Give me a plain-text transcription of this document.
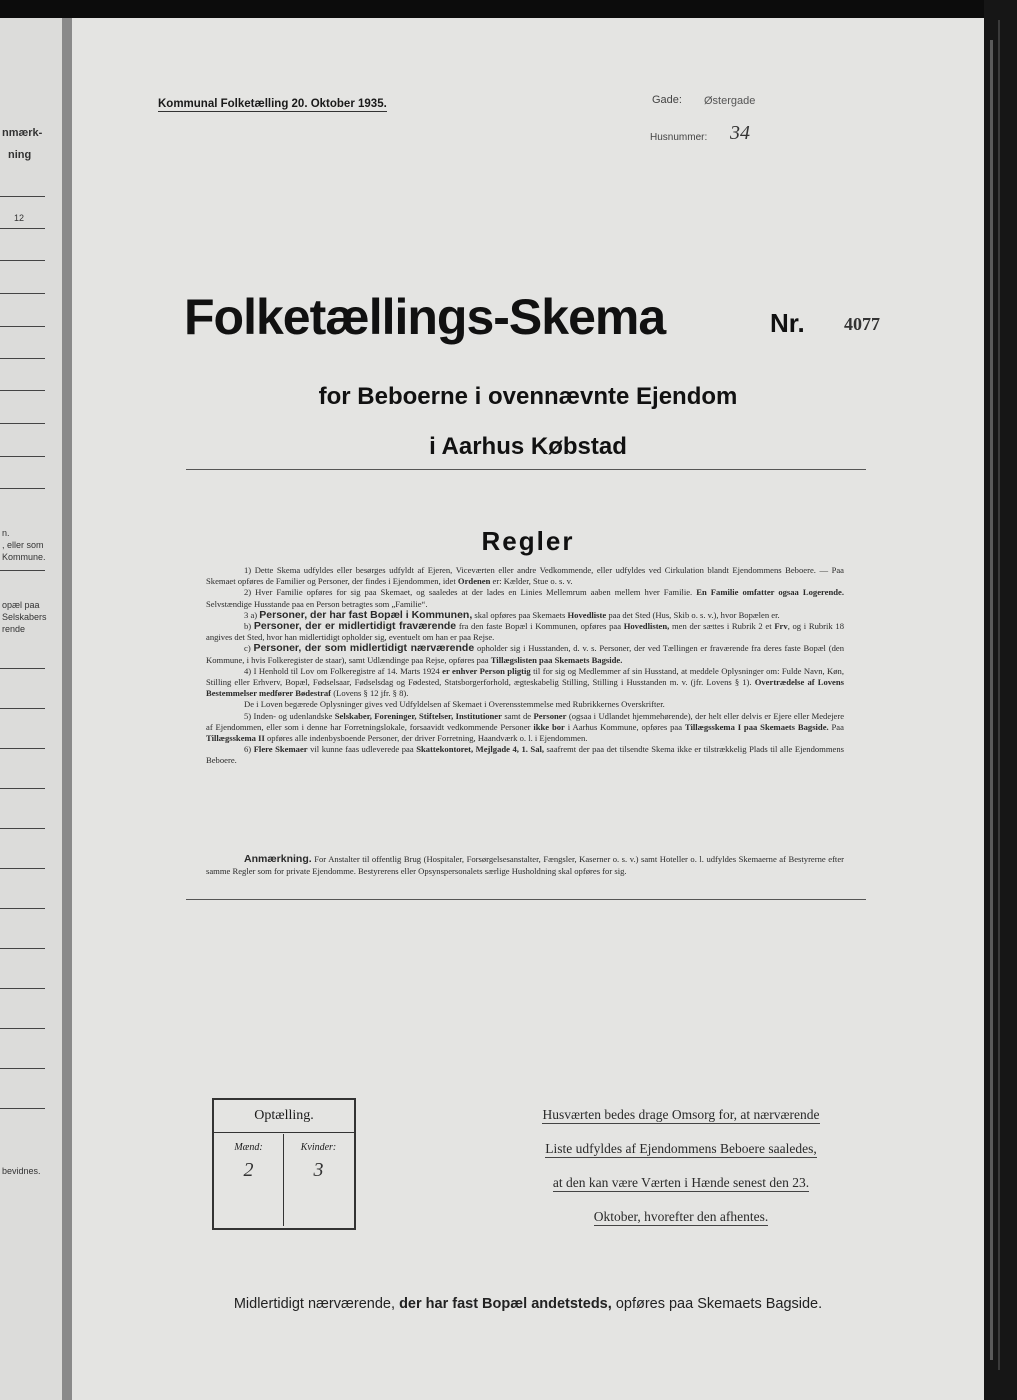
nmærk-
ning
12
n.
, eller som
Kommune.
opæl paa
Selskabers
rende
bevidnes.
Kommunal Folketælling 20. Oktober 1935.	Gade: Østergade
Husnummer: 34
Folketællings-Skema	Nr. 4077
for Beboerne i ovennævnte Ejendom
i Aarhus Købstad
Regler

1) Dette Skema udfyldes eller besørges udfyldt af Ejeren, Viceværten eller andre Vedkommende, eller udfyldes ved Cirkulation blandt Ejendommens Beboere. — Paa Skemaet opføres de Familier og Personer, der findes i Ejendommen, idet Ordenen er: Kælder, Stue o. s. v.

2) Hver Familie opføres for sig paa Skemaet, og saaledes at der lades en Linies Mellemrum aaben mellem hver Familie. En Familie omfatter ogsaa Logerende. Selvstændige Husstande paa en Person betragtes som „Familie“.

3 a) Personer, der har fast Bopæl i Kommunen, skal opføres paa Skemaets Hovedliste paa det Sted (Hus, Skib o. s. v.), hvor Bopælen er.

b) Personer, der er midlertidigt fraværende fra den faste Bopæl i Kommunen, opføres paa Hovedlisten, men der sættes i Rubrik 2 et Frv, og i Rubrik 18 angives det Sted, hvor han midlertidigt opholder sig, eventuelt om han er paa Rejse.

c) Personer, der som midlertidigt nærværende opholder sig i Husstanden, d. v. s. Personer, der ved Tællingen er fraværende fra deres faste Bopæl (den Kommune, i hvis Folkeregister de staar), samt Udlændinge paa Rejse, opføres paa Tillægslisten paa Skemaets Bagside.

4) I Henhold til Lov om Folkeregistre af 14. Marts 1924 er enhver Person pligtig til for sig og Medlemmer af sin Husstand, at meddele Oplysninger om: Fulde Navn, Køn, Stilling eller Erhverv, Bopæl, Fødselsaar, Fødselsdag og Fødested, Statsborgerforhold, ægteskabelig Stilling, Stilling i Husstanden m. v. (jfr. Lovens § 1). Overtrædelse af Lovens Bestemmelser medfører Bødestraf (Lovens § 12 jfr. § 8).

De i Loven begærede Oplysninger gives ved Udfyldelsen af Skemaet i Overensstemmelse med Rubrikkernes Overskrifter.

5) Inden- og udenlandske Selskaber, Foreninger, Stiftelser, Institutioner samt de Personer (ogsaa i Udlandet hjemmehørende), der helt eller delvis er Ejere eller Medejere af Ejendommen, eller som i denne har Forretningslokale, forsaavidt vedkommende Personer ikke bor i Aarhus Kommune, opføres paa Tillægsskema I paa Skemaets Bagside. Paa Tillægsskema II opføres alle indenbysboende Personer, der driver Forretning, Haandværk o. l. i Ejendommen.

6) Flere Skemaer vil kunne faas udleverede paa Skattekontoret, Mejlgade 4, 1. Sal, saafremt der paa det tilsendte Skema ikke er tilstrækkelig Plads til alle Ejendommens Beboere.

Anmærkning. For Anstalter til offentlig Brug (Hospitaler, Forsørgelsesanstalter, Fængsler, Kaserner o. s. v.) samt Hoteller o. l. udfyldes Skemaerne af Bestyrerne efter samme Regler som for private Ejendomme. Bestyrerens eller Opsynspersonalets særlige Husholdning skal opføres for sig.
Optælling.
Mænd:
2
Kvinder:
3
Husværten bedes drage Omsorg for, at nærværende
Liste udfyldes af Ejendommens Beboere saaledes,
at den kan være Værten i Hænde senest den 23.
Oktober, hvorefter den afhentes.
Midlertidigt nærværende, der har fast Bopæl andetsteds, opføres paa Skemaets Bagside.
